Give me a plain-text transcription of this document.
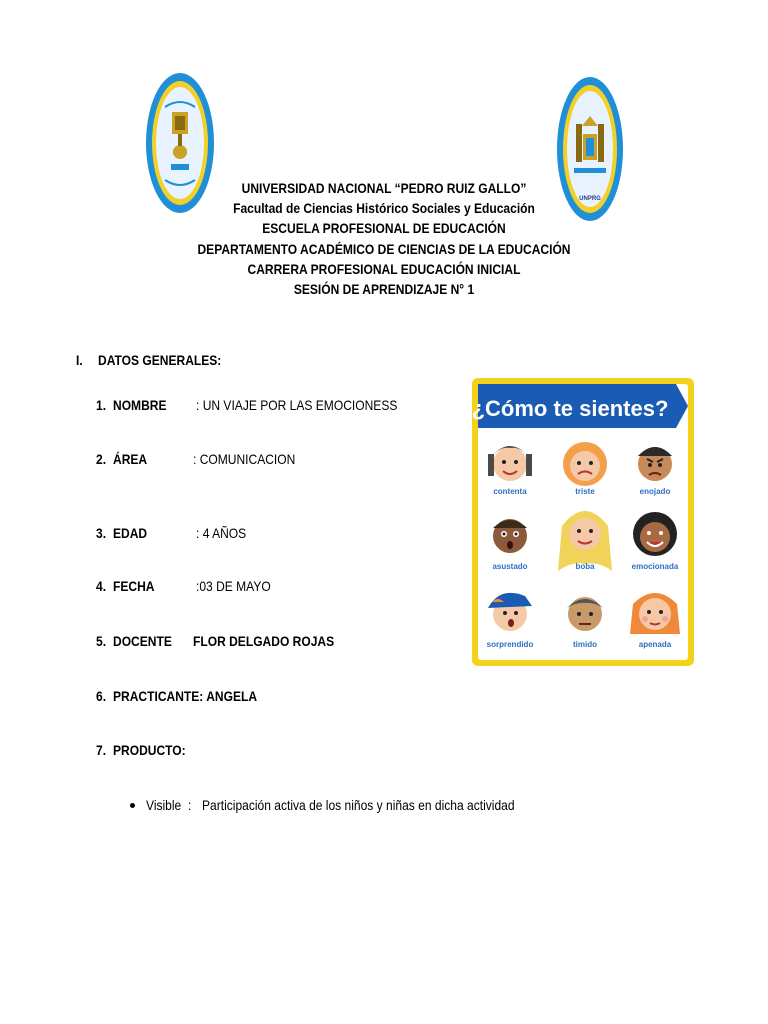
UNPRG
UNIVERSIDAD NACIONAL “PEDRO RUIZ GALLO”
Facultad de Ciencias Histórico Sociales y Educación
ESCUELA PROFESIONAL DE EDUCACIÓN
DEPARTAMENTO ACADÉMICO DE CIENCIAS DE LA EDUCACIÓN
CARRERA PROFESIONAL EDUCACIÓN INICIAL
SESIÓN DE APRENDIZAJE N° 1
I. DATOS GENERALES:
1. NOMBRE : UN VIAJE POR LAS EMOCIONESS
2. ÁREA	: COMUNICACION
3. EDAD	: 4 AÑOS
4. FECHA	:03 DE MAYO
5. DOCENTE FLOR DELGADO ROJAS
6. PRACTICANTE: ANGELA
7. PRODUCTO:
Visible : Participación activa de los niños y niñas en dicha actividad
¿Cómo te sientes?
contenta	triste	enojado
asustado	boba	emocionada
sorprendido	timido	apenada
